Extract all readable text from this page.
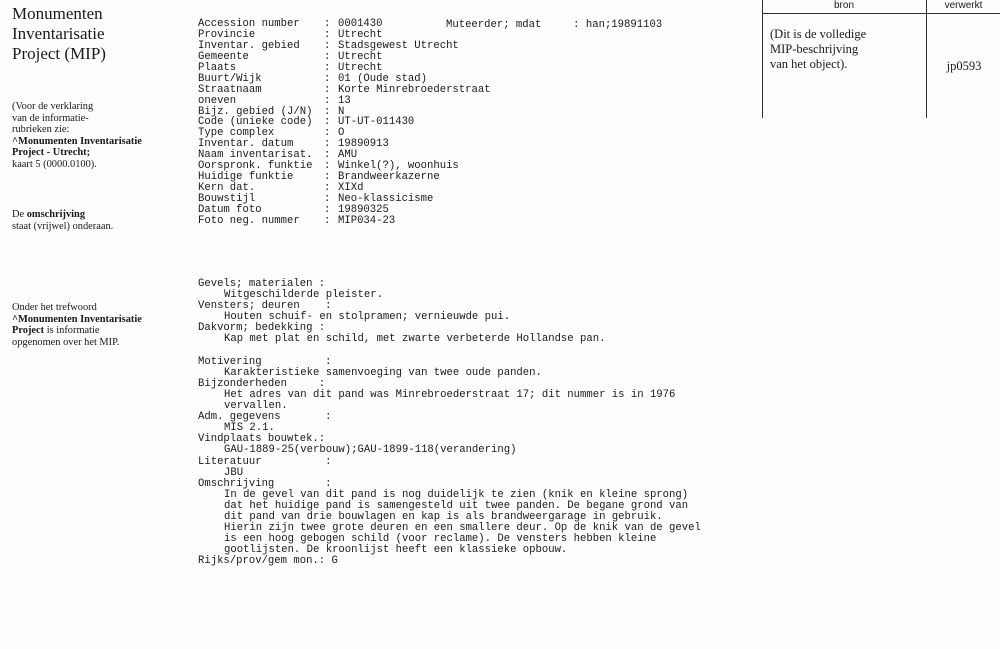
Monumenten
Inventarisatie
Project (MIP)
(Voor de verklaring
van de informatie-
rubrieken zie:
^Monumenten Inventarisatie
Project - Utrecht;
kaart 5 (0000.0100).
De omschrijving
staat (vrijwel) onderaan.
Onder het trefwoord
^Monumenten Inventarisatie
Project is informatie
opgenomen over het MIP.
Muteerder; mdat	: han;19891103
Accession number : 0001430
Provincie	: Utrecht
Inventar. gebied : Stadsgewest Utrecht
Gemeente	: Utrecht
Plaats	: Utrecht
Buurt/Wijk	: 01 (Oude stad)
Straatnaam	: Korte Minrebroederstraat
oneven	: 13
Bijz. gebied (J/N) : N
Code (unieke code) : UT-UT-011430
Type complex	: O
Inventar. datum	: 19890913
Naam inventarisat. : AMU
Oorspronk. funktie : Winkel(?), woonhuis
Huidige funktie	: Brandweerkazerne
Kern dat.	: XIXd
Bouwstijl	: Neo-klassicisme
Datum foto	: 19890325
Foto neg. nummer : MIP034-23
Gevels; materialen :
Witgeschilderde pleister.
Vensters; deuren    :
Houten schuif- en stolpramen; vernieuwde pui.
Dakvorm; bedekking :
Kap met plat en schild, met zwarte verbeterde Hollandse pan.
Motivering          :
Karakteristieke samenvoeging van twee oude panden.
Bijzonderheden     :
Het adres van dit pand was Minrebroederstraat 17; dit nummer is in 1976
vervallen.
Adm. gegevens       :
MIS 2.1.
Vindplaats bouwtek.:
GAU-1889-25(verbouw);GAU-1899-118(verandering)
Literatuur          :
JBU
Omschrijving        :
In de gevel van dit pand is nog duidelijk te zien (knik en kleine sprong)
dat het huidige pand is samengesteld uit twee panden. De begane grond van
dit pand van drie bouwlagen en kap is als brandweergarage in gebruik.
Hierin zijn twee grote deuren en een smallere deur. Op de knik van de gevel
is een hoog gebogen schild (voor reclame). De vensters hebben kleine
gootlijsten. De kroonlijst heeft een klassieke opbouw.
Rijks/prov/gem mon.: G
bron	verwerkt
(Dit is de volledige
MIP-beschrijving
van het object).	jp0593
